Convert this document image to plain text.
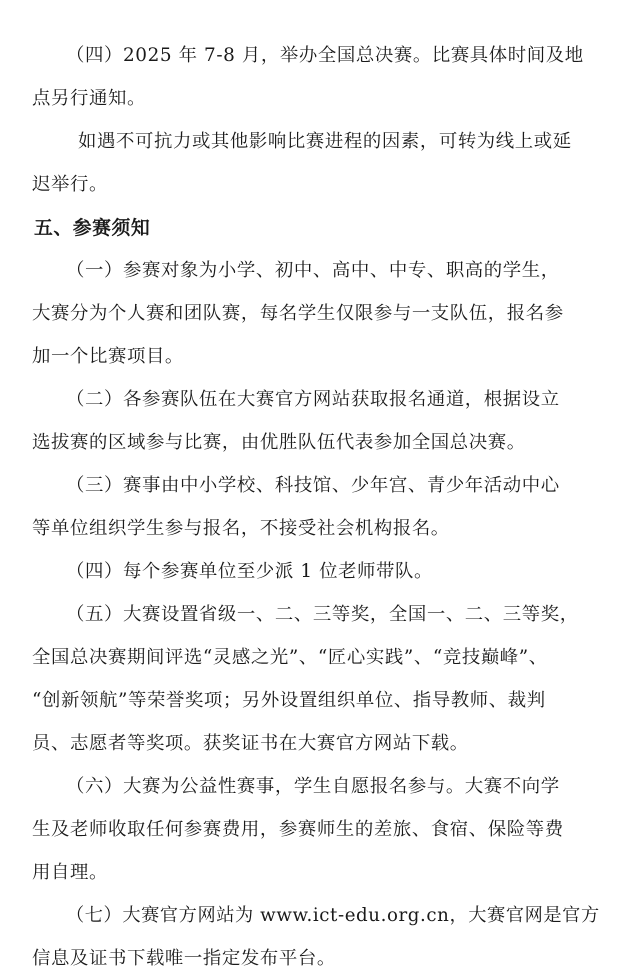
（四）2025 年 7-8 月，举办全国总决赛。比赛具体时间及地
点另行通知。
如遇不可抗力或其他影响比赛进程的因素，可转为线上或延
迟举行。
五、参赛须知
（一）参赛对象为小学、初中、高中、中专、职高的学生，
大赛分为个人赛和团队赛，每名学生仅限参与一支队伍，报名参
加一个比赛项目。
（二）各参赛队伍在大赛官方网站获取报名通道，根据设立
选拔赛的区域参与比赛，由优胜队伍代表参加全国总决赛。
（三）赛事由中小学校、科技馆、少年宫、青少年活动中心
等单位组织学生参与报名，不接受社会机构报名。
（四）每个参赛单位至少派 1 位老师带队。
（五）大赛设置省级一、二、三等奖，全国一、二、三等奖，
全国总决赛期间评选“灵感之光”、“匠心实践”、“竞技巅峰”、
“创新领航”等荣誉奖项；另外设置组织单位、指导教师、裁判
员、志愿者等奖项。获奖证书在大赛官方网站下载。
（六）大赛为公益性赛事，学生自愿报名参与。大赛不向学
生及老师收取任何参赛费用，参赛师生的差旅、食宿、保险等费
用自理。
（七）大赛官方网站为 www.ict-edu.org.cn，大赛官网是官方
信息及证书下载唯一指定发布平台。
